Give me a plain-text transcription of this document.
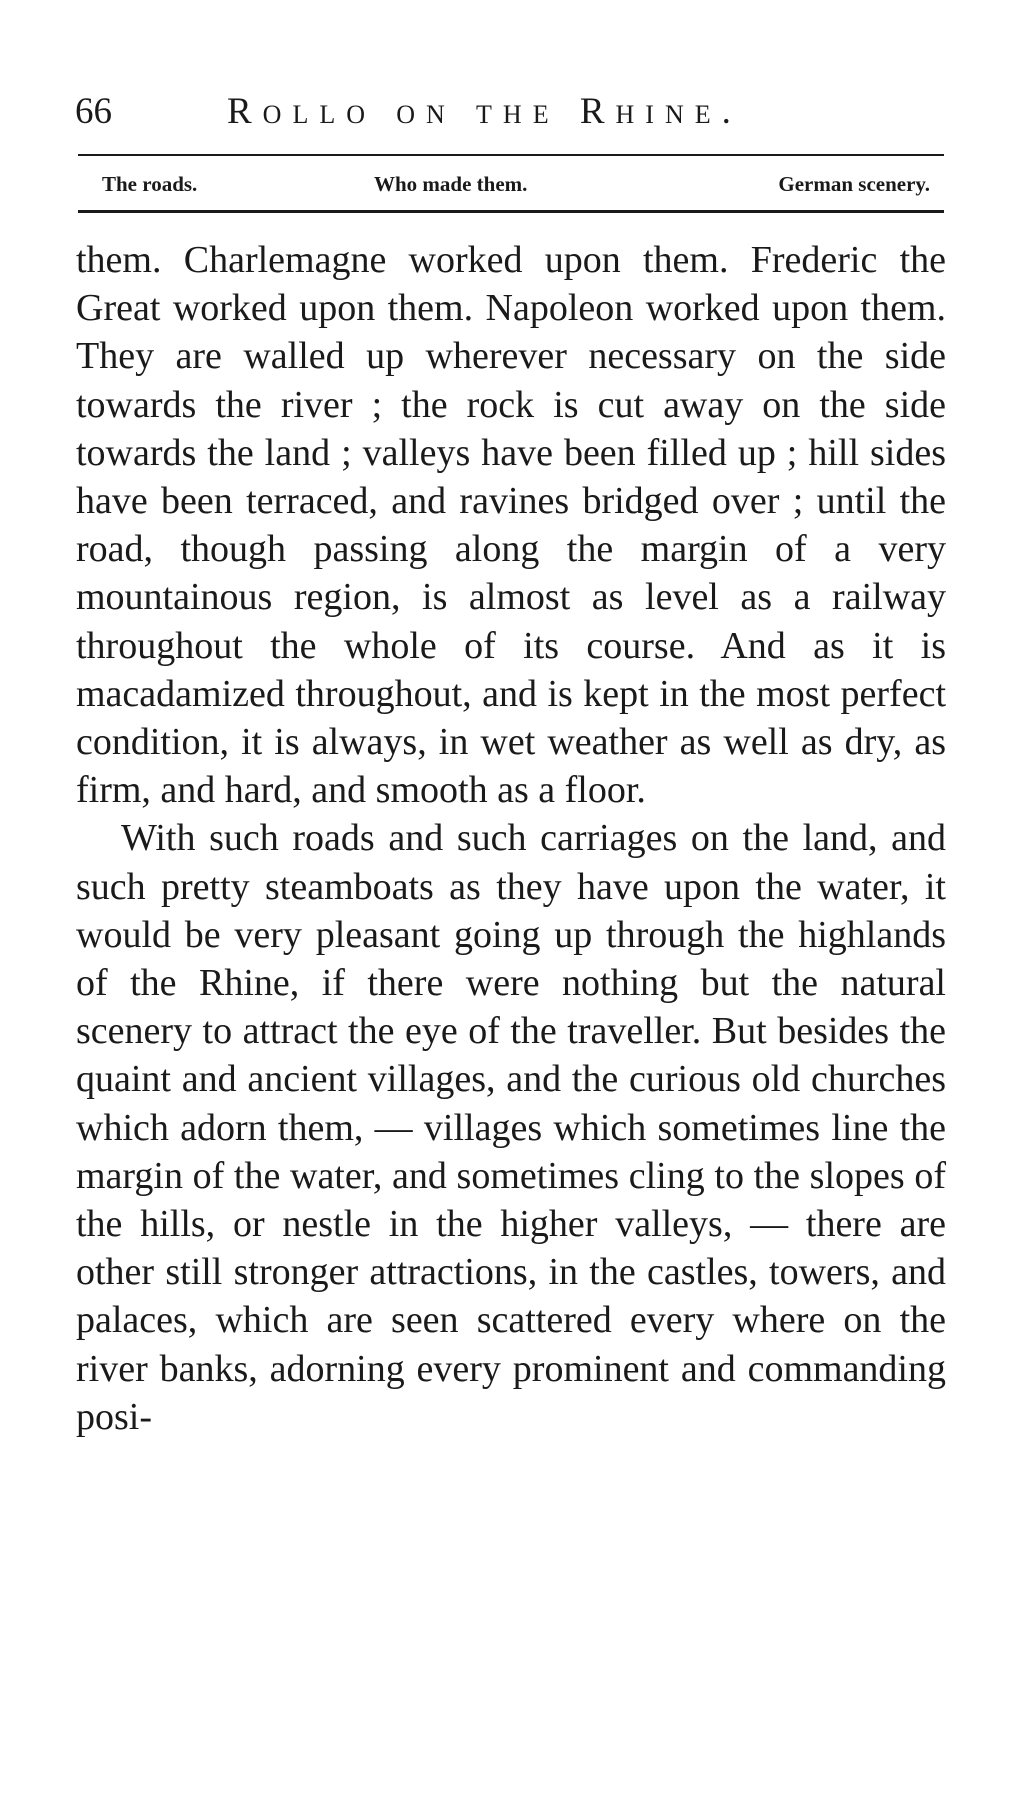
66	Rollo on the Rhine.
The roads.	Who made them.	German scenery.

them. Charlemagne worked upon them. Frederic the Great worked upon them. Napoleon worked upon them. They are walled up wherever necessary on the side towards the river ; the rock is cut away on the side towards the land ; valleys have been filled up ; hill sides have been terraced, and ravines bridged over ; until the road, though passing along the margin of a very mountainous region, is almost as level as a railway throughout the whole of its course. And as it is macadamized throughout, and is kept in the most perfect condition, it is always, in wet weather as well as dry, as firm, and hard, and smooth as a floor.

With such roads and such carriages on the land, and such pretty steamboats as they have upon the water, it would be very pleasant going up through the highlands of the Rhine, if there were nothing but the natural scenery to attract the eye of the traveller. But besides the quaint and ancient villages, and the curious old churches which adorn them, — villages which sometimes line the margin of the water, and sometimes cling to the slopes of the hills, or nestle in the higher valleys, — there are other still stronger attractions, in the castles, towers, and palaces, which are seen scattered every where on the river banks, adorning every prominent and commanding posi-
